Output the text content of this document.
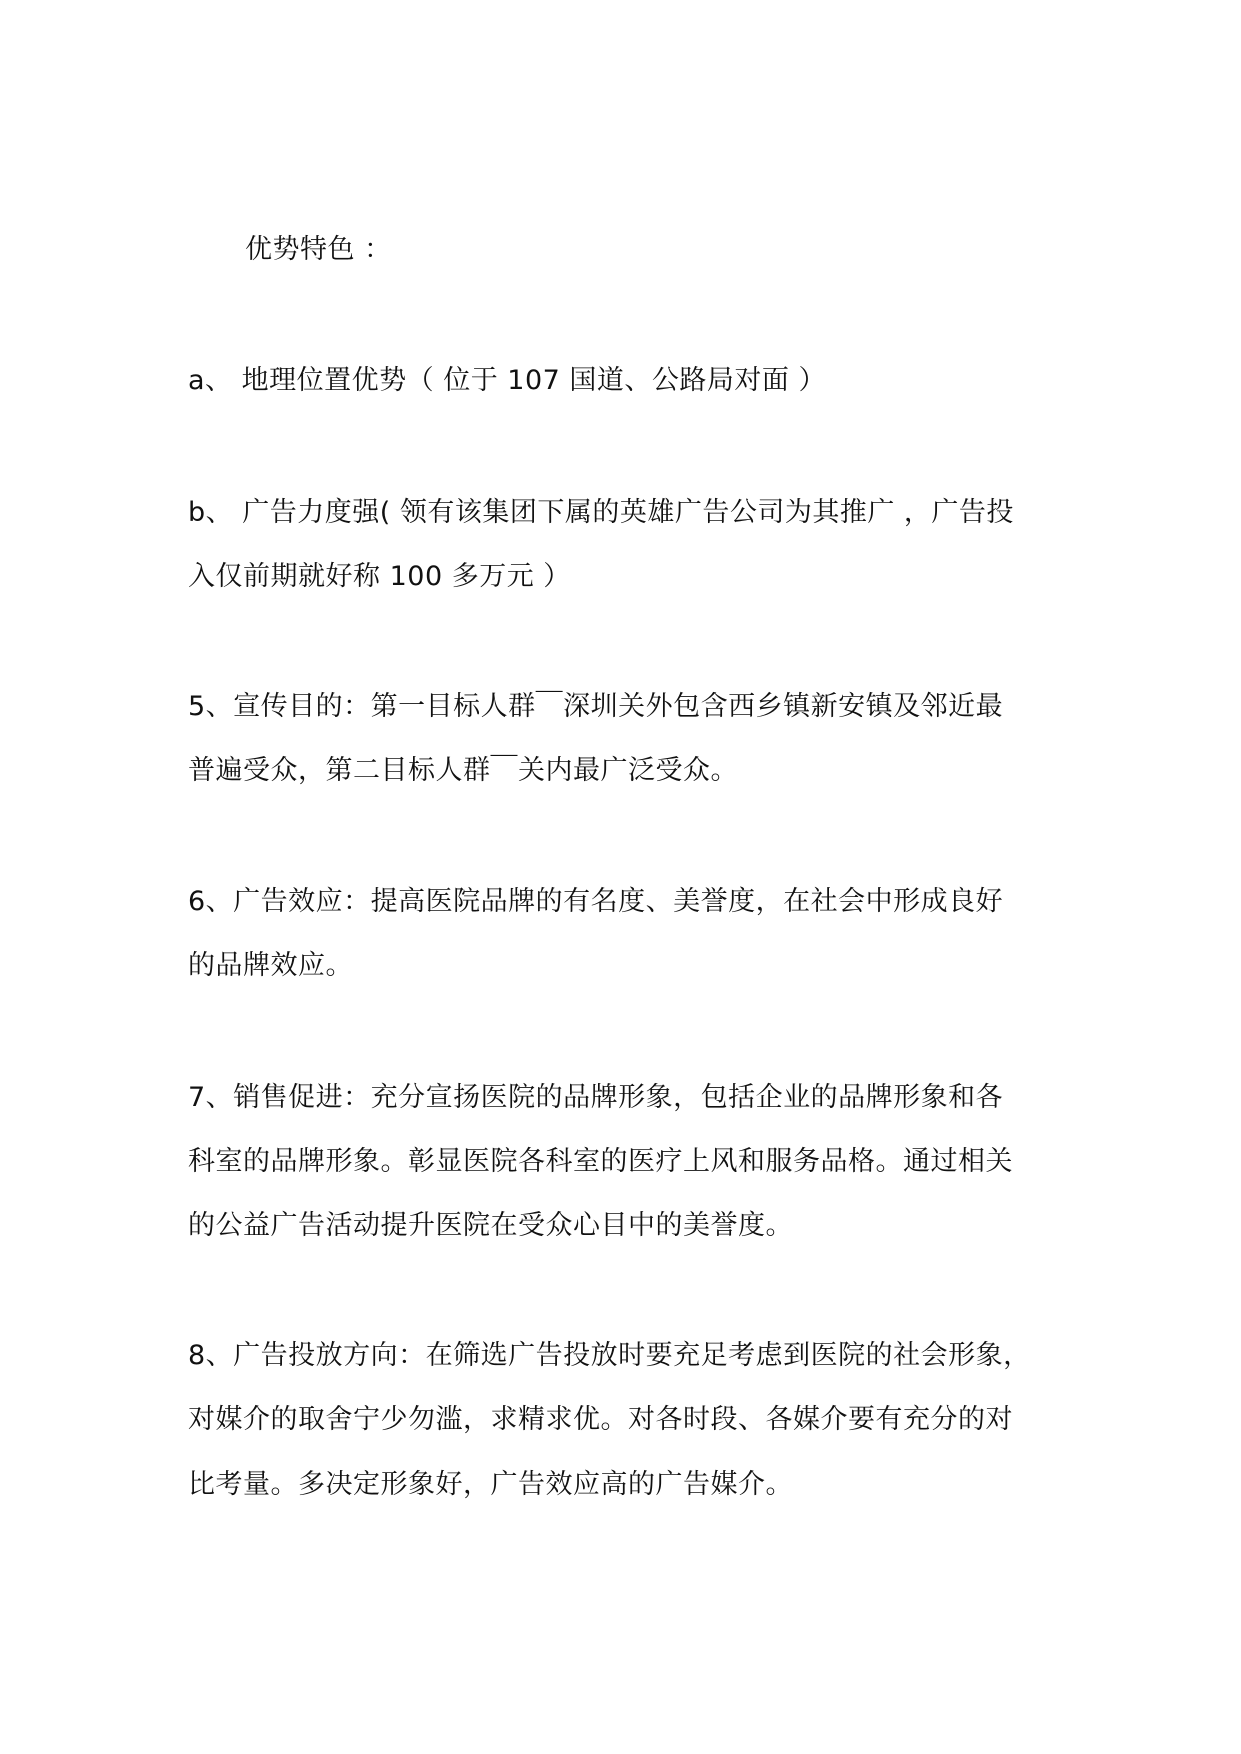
优势特色 ：
a、 地理位置优势（ 位于 107 国道、公路局对面 ）
b、 广告力度强( 领有该集团下属的英雄广告公司为其推广 ，广告投
入仅前期就好称 100 多万元 ）
5、宣传目的：第一目标人群￣深圳关外包含西乡镇新安镇及邻近最
普遍受众，第二目标人群￣关内最广泛受众。
6、广告效应：提高医院品牌的有名度、美誉度，在社会中形成良好
的品牌效应。
7、销售促进：充分宣扬医院的品牌形象，包括企业的品牌形象和各
科室的品牌形象。彰显医院各科室的医疗上风和服务品格。通过相关
的公益广告活动提升医院在受众心目中的美誉度。
8、广告投放方向：在筛选广告投放时要充足考虑到医院的社会形象，
对媒介的取舍宁少勿滥，求精求优。对各时段、各媒介要有充分的对
比考量。多决定形象好，广告效应高的广告媒介。
